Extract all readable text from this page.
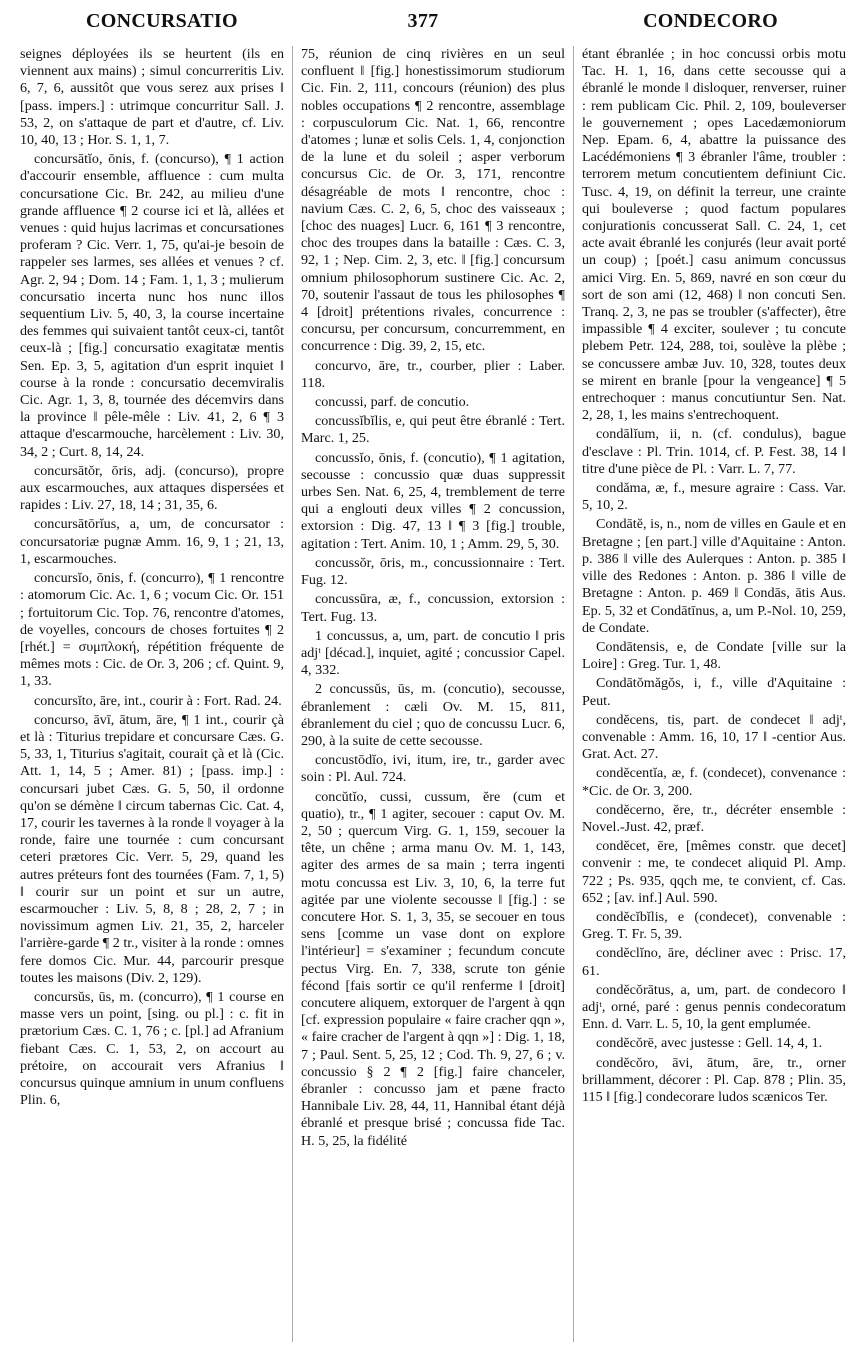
CONCURSATIO	377	CONDECORO

seignes déployées ils se heurtent (ils en viennent aux mains) ; simul concurreritis Liv. 6, 7, 6, aussitôt que vous serez aux prises ‖ [pass. impers.] : utrimque concurritur Sall. J. 53, 2, on s'attaque de part et d'autre, cf. Liv. 10, 40, 13 ; Hor. S. 1, 1, 7.

concursātĭo, ōnis, f. (concurso), ¶ 1 action d'accourir ensemble, affluence : cum multa concursatione Cic. Br. 242, au milieu d'une grande affluence ¶ 2 course ici et là, allées et venues : quid hujus lacrimas et concursationes proferam ? Cic. Verr. 1, 75, qu'ai-je besoin de rappeler ses larmes, ses allées et venues ? cf. Agr. 2, 94 ; Dom. 14 ; Fam. 1, 1, 3 ; mulierum concursatio incerta nunc hos nunc illos sequentium Liv. 5, 40, 3, la course incertaine des femmes qui suivaient tantôt ceux-ci, tantôt ceux-là ; [fig.] concursatio exagitatæ mentis Sen. Ep. 3, 5, agitation d'un esprit inquiet ‖ course à la ronde : concursatio decemviralis Cic. Agr. 1, 3, 8, tournée des décemvirs dans la province ‖ pêle-mêle : Liv. 41, 2, 6 ¶ 3 attaque d'escarmouche, harcèlement : Liv. 30, 34, 2 ; Curt. 8, 14, 24.

concursātŏr, ōris, adj. (concurso), propre aux escarmouches, aux attaques dispersées et rapides : Liv. 27, 18, 14 ; 31, 35, 6.

concursātōrĭus, a, um, de concursator : concursatoriæ pugnæ Amm. 16, 9, 1 ; 21, 13, 1, escarmouches.

concursĭo, ōnis, f. (concurro), ¶ 1 rencontre : atomorum Cic. Ac. 1, 6 ; vocum Cic. Or. 151 ; fortuitorum Cic. Top. 76, rencontre d'atomes, de voyelles, concours de choses fortuites ¶ 2 [rhét.] = συμπλοκή, répétition fréquente de mêmes mots : Cic. de Or. 3, 206 ; cf. Quint. 9, 1, 33.

concursĭto, āre, int., courir à : Fort. Rad. 24.

concurso, āvī, ātum, āre, ¶ 1 int., courir çà et là : Titurius trepidare et concursare Cæs. G. 5, 33, 1, Titurius s'agitait, courait çà et là (Cic. Att. 1, 14, 5 ; Amer. 81) ; [pass. imp.] : concursari jubet Cæs. G. 5, 50, il ordonne qu'on se démène ‖ circum tabernas Cic. Cat. 4, 17, courir les tavernes à la ronde ‖ voyager à la ronde, faire une tournée : cum concursant ceteri prætores Cic. Verr. 5, 29, quand les autres préteurs font des tournées (Fam. 7, 1, 5) ‖ courir sur un point et sur un autre, escarmoucher : Liv. 5, 8, 8 ; 28, 2, 7 ; in novissimum agmen Liv. 21, 35, 2, harceler l'arrière-garde ¶ 2 tr., visiter à la ronde : omnes fere domos Cic. Mur. 44, parcourir presque toutes les maisons (Div. 2, 129).

concursŭs, ūs, m. (concurro), ¶ 1 course en masse vers un point, [sing. ou pl.] : c. fit in prætorium Cæs. C. 1, 76 ; c. [pl.] ad Afranium fiebant Cæs. C. 1, 53, 2, on accourt au prétoire, on accourait vers Afranius ‖ concursus quinque amnium in unum confluens Plin. 6,

75, réunion de cinq rivières en un seul confluent ‖ [fig.] honestissimorum studiorum Cic. Fin. 2, 111, concours (réunion) des plus nobles occupations ¶ 2 rencontre, assemblage : corpusculorum Cic. Nat. 1, 66, rencontre d'atomes ; lunæ et solis Cels. 1, 4, conjonction de la lune et du soleil ; asper verborum concursus Cic. de Or. 3, 171, rencontre désagréable de mots ‖ rencontre, choc : navium Cæs. C. 2, 6, 5, choc des vaisseaux ; [choc des nuages] Lucr. 6, 161 ¶ 3 rencontre, choc des troupes dans la bataille : Cæs. C. 3, 92, 1 ; Nep. Cim. 2, 3, etc. ‖ [fig.] concursum omnium philosophorum sustinere Cic. Ac. 2, 70, soutenir l'assaut de tous les philosophes ¶ 4 [droit] prétentions rivales, concurrence : concursu, per concursum, concurremment, en concurrence : Dig. 39, 2, 15, etc.

concurvo, āre, tr., courber, plier : Laber. 118.

concussi, parf. de concutio.

concussĭbĭlis, e, qui peut être ébranlé : Tert. Marc. 1, 25.

concussĭo, ōnis, f. (concutio), ¶ 1 agitation, secousse : concussio quæ duas suppressit urbes Sen. Nat. 6, 25, 4, tremblement de terre qui a englouti deux villes ¶ 2 concussion, extorsion : Dig. 47, 13 ‖ ¶ 3 [fig.] trouble, agitation : Tert. Anim. 10, 1 ; Amm. 29, 5, 30.

concussŏr, ōris, m., concussionnaire : Tert. Fug. 12.

concussūra, æ, f., concussion, extorsion : Tert. Fug. 13.

1 concussus, a, um, part. de concutio ‖ pris adjᵗ [décad.], inquiet, agité ; concussior Capel. 4, 332.

2 concussŭs, ūs, m. (concutio), secousse, ébranlement : cæli Ov. M. 15, 811, ébranlement du ciel ; quo de concussu Lucr. 6, 290, à la suite de cette secousse.

concustōdĭo, ivi, itum, ire, tr., garder avec soin : Pl. Aul. 724.

concŭtĭo, cussi, cussum, ĕre (cum et quatio), tr., ¶ 1 agiter, secouer : caput Ov. M. 2, 50 ; quercum Virg. G. 1, 159, secouer la tête, un chêne ; arma manu Ov. M. 1, 143, agiter des armes de sa main ; terra ingenti motu concussa est Liv. 3, 10, 6, la terre fut agitée par une violente secousse ‖ [fig.] : se concutere Hor. S. 1, 3, 35, se secouer en tous sens [comme un vase dont on explore l'intérieur] = s'examiner ; fecundum concute pectus Virg. En. 7, 338, scrute ton génie fécond [fais sortir ce qu'il renferme ‖ [droit] concutere aliquem, extorquer de l'argent à qqn [cf. expression populaire « faire cracher qqn », « faire cracher de l'argent à qqn »] : Dig. 1, 18, 7 ; Paul. Sent. 5, 25, 12 ; Cod. Th. 9, 27, 6 ; v. concussio § 2 ¶ 2 [fig.] faire chanceler, ébranler : concusso jam et pæne fracto Hannibale Liv. 28, 44, 11, Hannibal étant déjà ébranlé et presque brisé ; concussa fide Tac. H. 5, 25, la fidélité

étant ébranlée ; in hoc concussi orbis motu Tac. H. 1, 16, dans cette secousse qui a ébranlé le monde ‖ disloquer, renverser, ruiner : rem publicam Cic. Phil. 2, 109, bouleverser le gouvernement ; opes Lacedæmoniorum Nep. Epam. 6, 4, abattre la puissance des Lacédémoniens ¶ 3 ébranler l'âme, troubler : terrorem metum concutientem definiunt Cic. Tusc. 4, 19, on définit la terreur, une crainte qui bouleverse ; quod factum populares conjurationis concusserat Sall. C. 24, 1, cet acte avait ébranlé les conjurés (leur avait porté un coup) ; [poét.] casu animum concussus amici Virg. En. 5, 869, navré en son cœur du sort de son ami (12, 468) ‖ non concuti Sen. Tranq. 2, 3, ne pas se troubler (s'affecter), être impassible ¶ 4 exciter, soulever ; tu concute plebem Petr. 124, 288, toi, soulève la plèbe ; se concussere ambæ Juv. 10, 328, toutes deux se mirent en branle [pour la vengeance] ¶ 5 entrechoquer : manus concutiuntur Sen. Nat. 2, 28, 1, les mains s'entrechoquent.

condālĭum, ii, n. (cf. condulus), bague d'esclave : Pl. Trin. 1014, cf. P. Fest. 38, 14 ‖ titre d'une pièce de Pl. : Varr. L. 7, 77.

condăma, æ, f., mesure agraire : Cass. Var. 5, 10, 2.

Condātĕ, is, n., nom de villes en Gaule et en Bretagne ; [en part.] ville d'Aquitaine : Anton. p. 386 ‖ ville des Aulerques : Anton. p. 385 ‖ ville des Redones : Anton. p. 386 ‖ ville de Bretagne : Anton. p. 469 ‖ Condās, ātis Aus. Ep. 5, 32 et Condātīnus, a, um P.-Nol. 10, 259, de Condate.

Condātensis, e, de Condate [ville sur la Loire] : Greg. Tur. 1, 48.

Condātŏmăgŏs, i, f., ville d'Aquitaine : Peut.

condĕcens, tis, part. de condecet ‖ adjᵗ, convenable : Amm. 16, 10, 17 ‖ -centior Aus. Grat. Act. 27.

condĕcentĭa, æ, f. (condecet), convenance : *Cic. de Or. 3, 200.

condĕcerno, ĕre, tr., décréter ensemble : Novel.-Just. 42, præf.

condĕcet, ēre, [mêmes constr. que decet] convenir : me, te condecet aliquid Pl. Amp. 722 ; Ps. 935, qqch me, te convient, cf. Cas. 652 ; [av. inf.] Aul. 590.

condĕcĭbĭlis, e (condecet), convenable : Greg. T. Fr. 5, 39.

condĕclĭno, āre, décliner avec : Prisc. 17, 61.

condĕcŏrātus, a, um, part. de condecoro ‖ adjᵗ, orné, paré : genus pennis condecoratum Enn. d. Varr. L. 5, 10, la gent emplumée.

condĕcŏrē, avec justesse : Gell. 14, 4, 1.

condĕcŏro, āvi, ātum, āre, tr., orner brillamment, décorer : Pl. Cap. 878 ; Plin. 35, 115 ‖ [fig.] condecorare ludos scænicos Ter.
